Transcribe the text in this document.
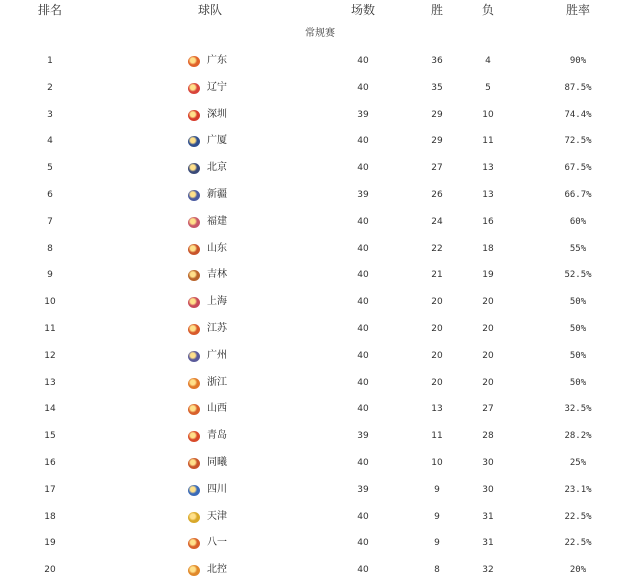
排名	球队	场数	胜	负	胜率
常规赛
1	广东	40	36	4	90%
2	辽宁	40	35	5	87.5%
3	深圳	39	29	10	74.4%
4	广厦	40	29	11	72.5%
5	北京	40	27	13	67.5%
6	新疆	39	26	13	66.7%
7	福建	40	24	16	60%
8	山东	40	22	18	55%
9	吉林	40	21	19	52.5%
10	上海	40	20	20	50%
11	江苏	40	20	20	50%
12	广州	40	20	20	50%
13	浙江	40	20	20	50%
14	山西	40	13	27	32.5%
15	青岛	39	11	28	28.2%
16	同曦	40	10	30	25%
17	四川	39	9	30	23.1%
18	天津	40	9	31	22.5%
19	八一	40	9	31	22.5%
20	北控	40	8	32	20%
